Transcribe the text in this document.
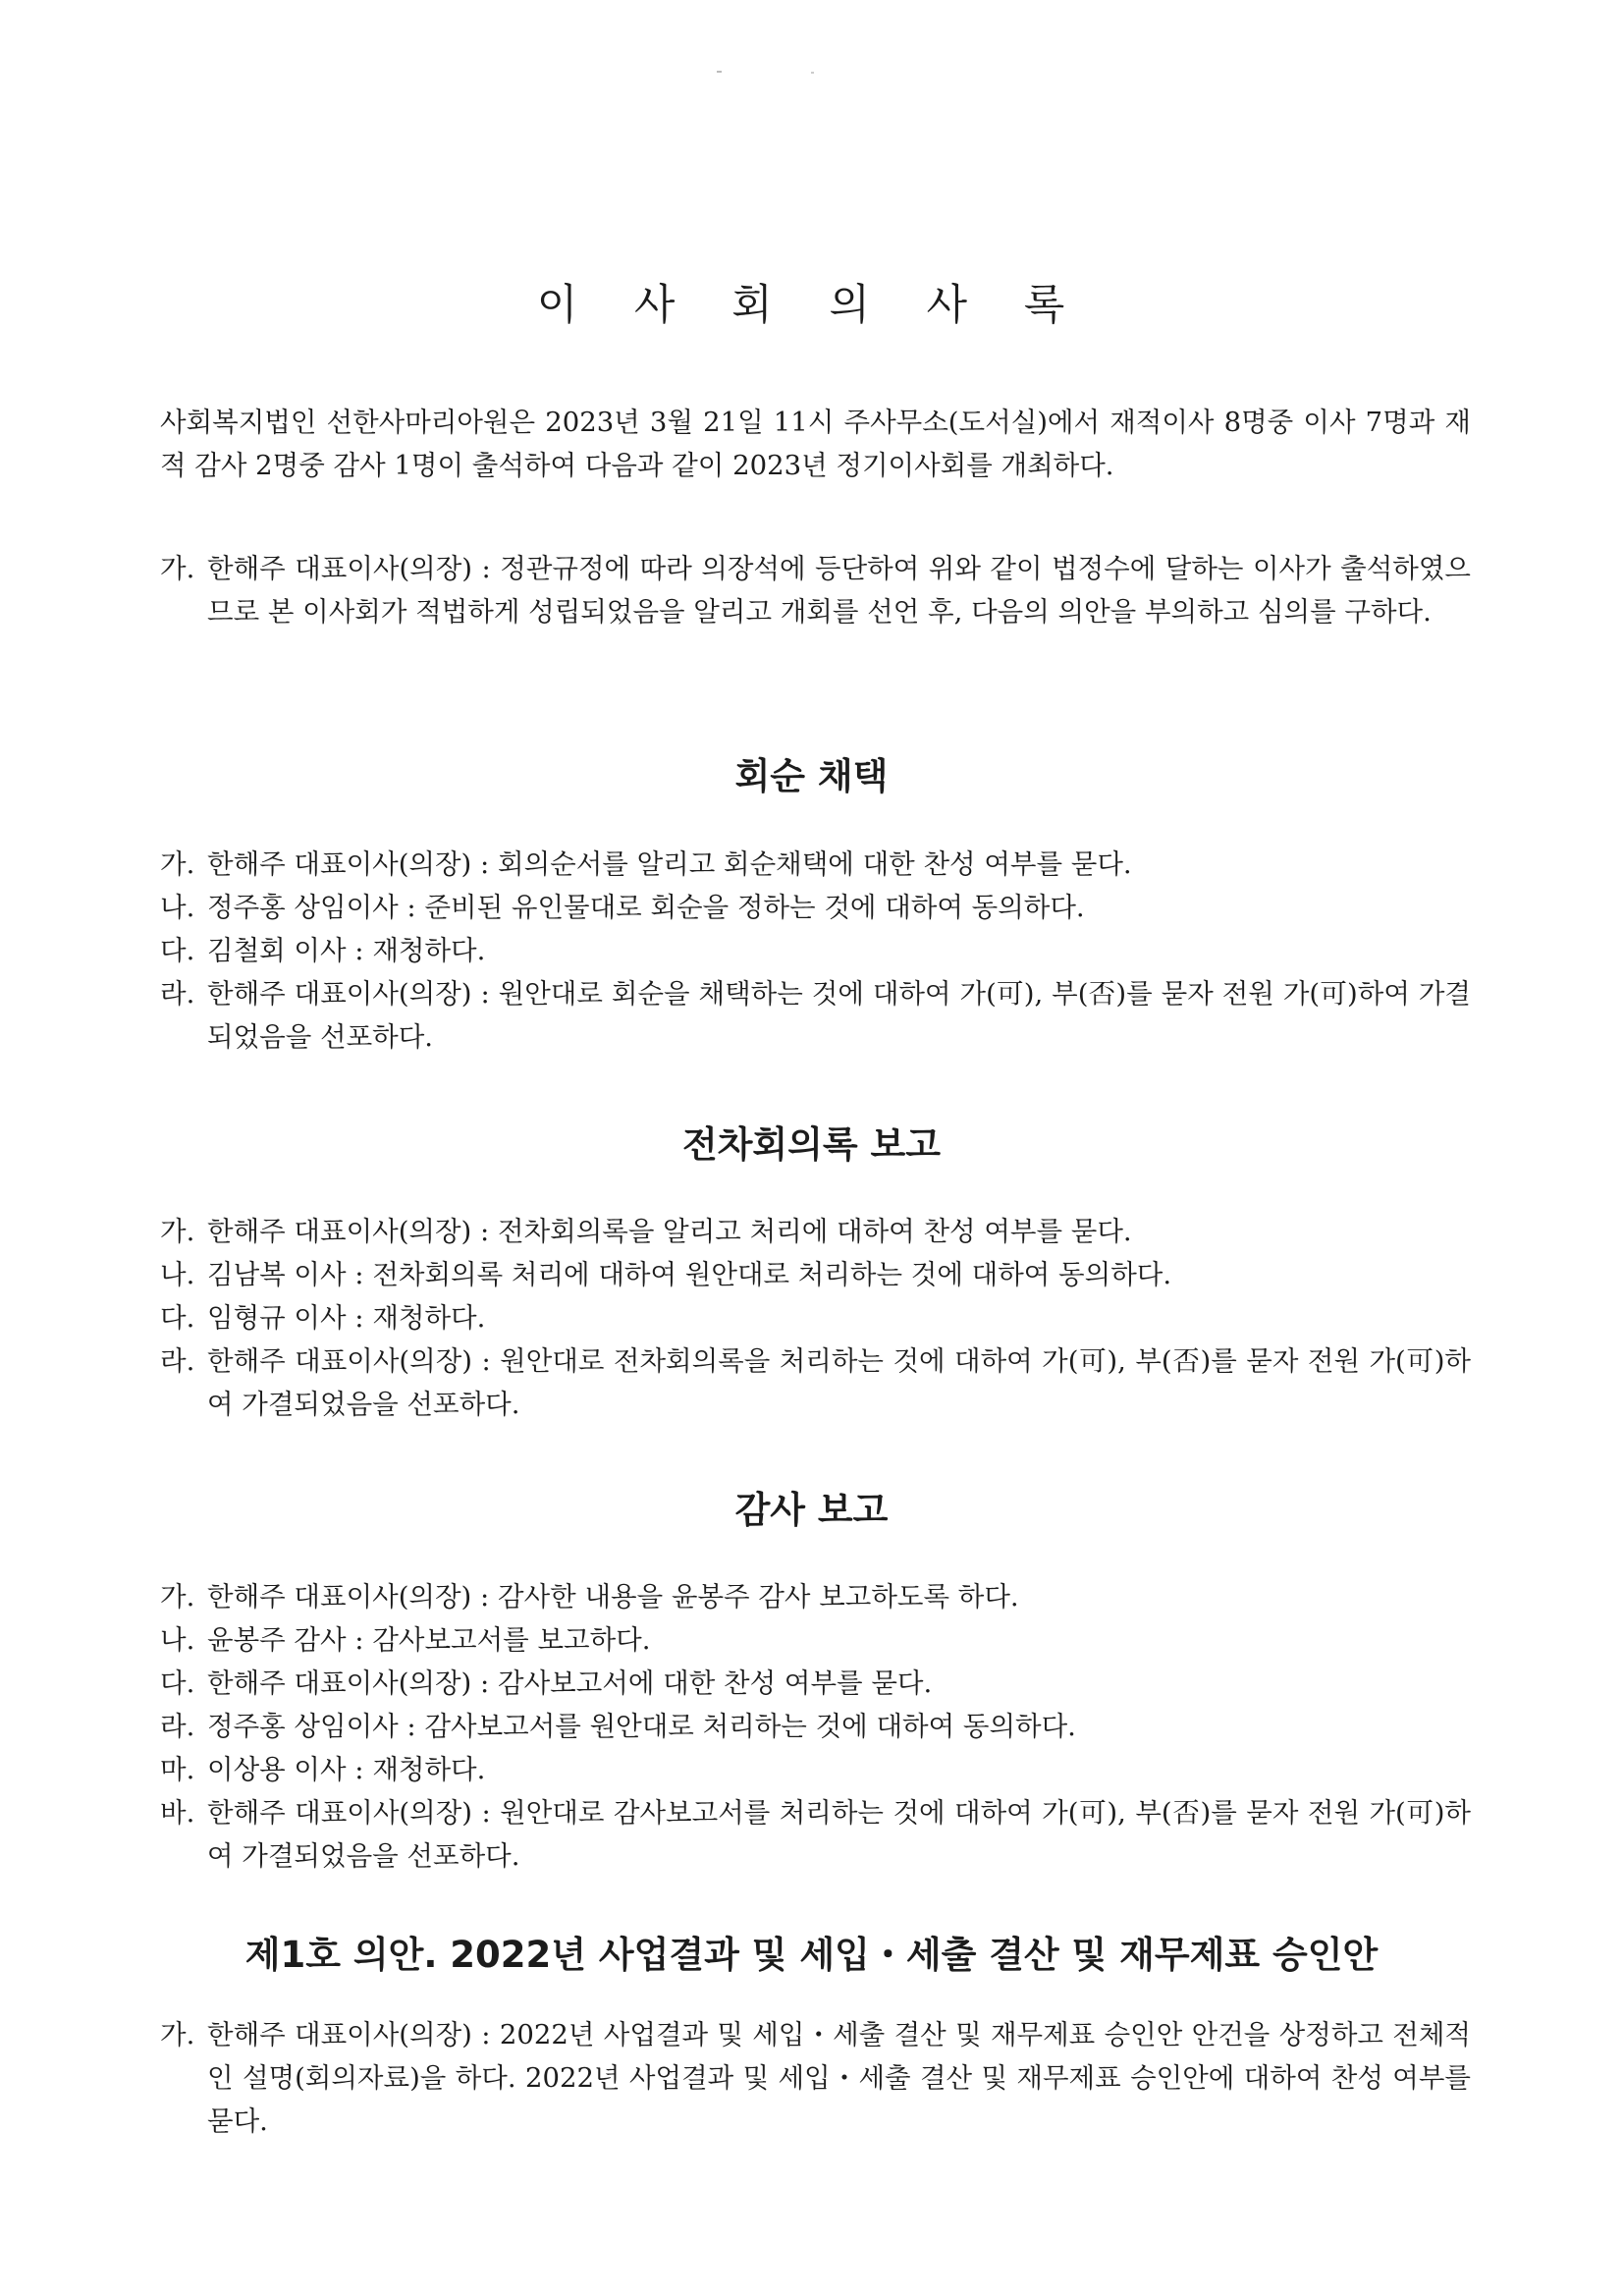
이 사 회 의 사 록

사회복지법인 선한사마리아원은 2023년 3월 21일 11시 주사무소(도서실)에서 재적이사 8명중 이사 7명과 재적 감사 2명중 감사 1명이 출석하여 다음과 같이 2023년 정기이사회를 개최하다.

가. 한해주 대표이사(의장) : 정관규정에 따라 의장석에 등단하여 위와 같이 법정수에 달하는 이사가 출석하였으므로 본 이사회가 적법하게 성립되었음을 알리고 개회를 선언 후, 다음의 의안을 부의하고 심의를 구하다.
회순 채택
가. 한해주 대표이사(의장) : 회의순서를 알리고 회순채택에 대한 찬성 여부를 묻다.
나. 정주홍 상임이사 : 준비된 유인물대로 회순을 정하는 것에 대하여 동의하다.
다. 김철회 이사 : 재청하다.
라. 한해주 대표이사(의장) : 원안대로 회순을 채택하는 것에 대하여 가(可), 부(否)를 묻자 전원 가(可)하여 가결되었음을 선포하다.
전차회의록 보고
가. 한해주 대표이사(의장) : 전차회의록을 알리고 처리에 대하여 찬성 여부를 묻다.
나. 김남복 이사 : 전차회의록 처리에 대하여 원안대로 처리하는 것에 대하여 동의하다.
다. 임형규 이사 : 재청하다.
라. 한해주 대표이사(의장) : 원안대로 전차회의록을 처리하는 것에 대하여 가(可), 부(否)를 묻자 전원 가(可)하여 가결되었음을 선포하다.
감사 보고
가. 한해주 대표이사(의장) : 감사한 내용을 윤봉주 감사 보고하도록 하다.
나. 윤봉주 감사 : 감사보고서를 보고하다.
다. 한해주 대표이사(의장) : 감사보고서에 대한 찬성 여부를 묻다.
라. 정주홍 상임이사 : 감사보고서를 원안대로 처리하는 것에 대하여 동의하다.
마. 이상용 이사 : 재청하다.
바. 한해주 대표이사(의장) : 원안대로 감사보고서를 처리하는 것에 대하여 가(可), 부(否)를 묻자 전원 가(可)하여 가결되었음을 선포하다.
제1호 의안. 2022년 사업결과 및 세입・세출 결산 및 재무제표 승인안
가. 한해주 대표이사(의장) : 2022년 사업결과 및 세입・세출 결산 및 재무제표 승인안 안건을 상정하고 전체적인 설명(회의자료)을 하다. 2022년 사업결과 및 세입・세출 결산 및 재무제표 승인안에 대하여 찬성 여부를 묻다.
